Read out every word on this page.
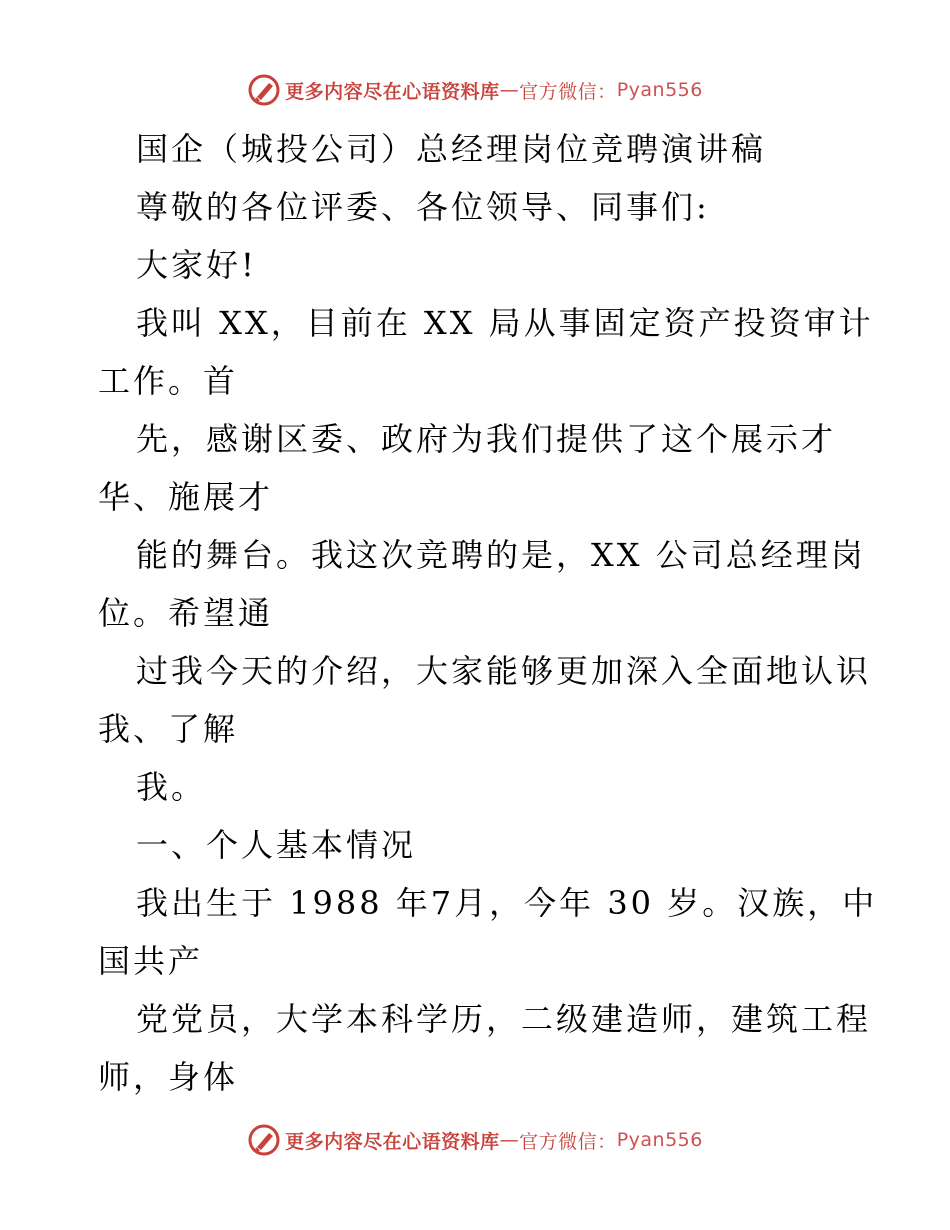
更多内容尽在心语资料库 — 官方微信： Pyan556
国企（城投公司）总经理岗位竞聘演讲稿
尊敬的各位评委、各位领导、同事们:
大家好!
我叫 XX，目前在 XX 局从事固定资产投资审计
工作。首
先，感谢区委、政府为我们提供了这个展示才
华、施展才
能的舞台。我这次竞聘的是，XX 公司总经理岗
位。希望通
过我今天的介绍，大家能够更加深入全面地认识
我、了解
我。
一、个人基本情况
我出生于 1988 年7月，今年 30 岁。汉族，中
国共产
党党员，大学本科学历，二级建造师，建筑工程
师，身体
更多内容尽在心语资料库 — 官方微信： Pyan556
